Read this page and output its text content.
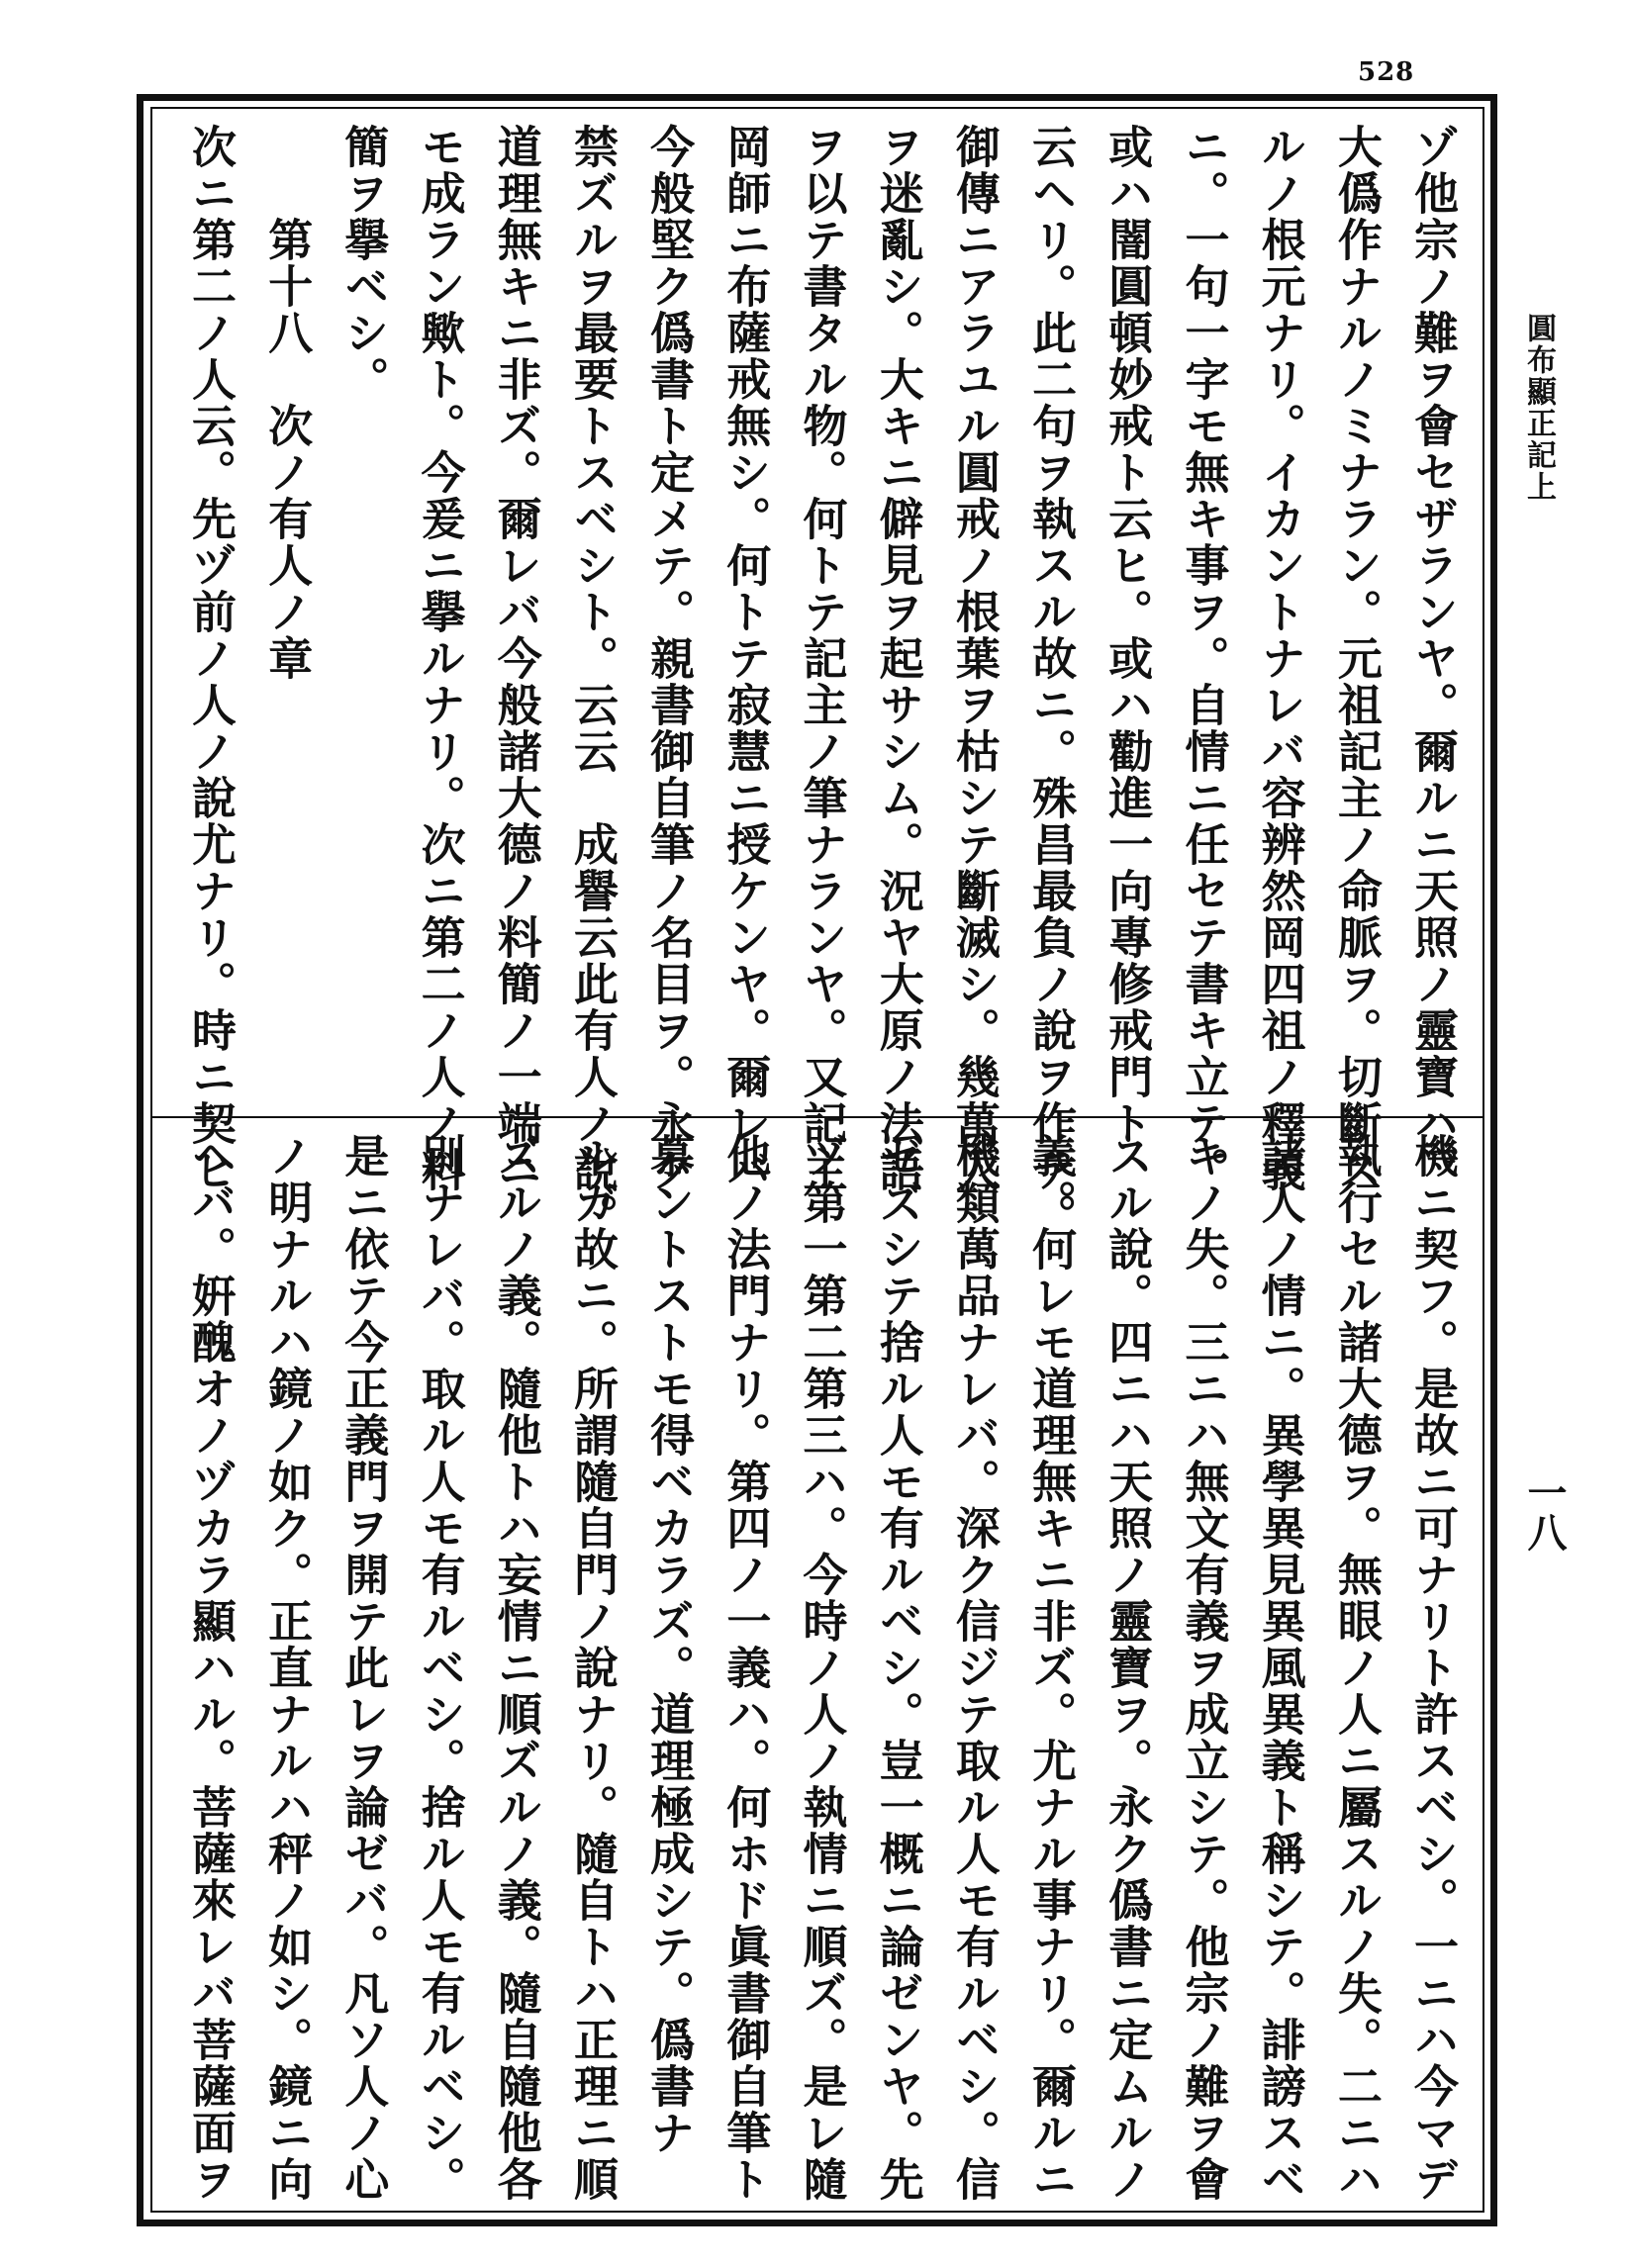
528
圓布顯正記上
一八
ゾ他宗ノ難ヲ會セザランヤ。爾ルニ天照ノ靈寶ハ。
大僞作ナルノミナラン。元祖記主ノ命脈ヲ。切斷ス
ルノ根元ナリ。イカントナレバ容辨然岡四祖ノ釋義
ニ。一句一字モ無キ事ヲ。自情ニ任セテ書キ立テ。
或ハ闇圓頓妙戒ト云ヒ。或ハ勸進一向專修戒門ト
云ヘリ。此二句ヲ執スル故ニ。殊昌最負ノ說ヲ作テ。
御傳ニアラユル圓戒ノ根葉ヲ枯シテ斷滅シ。幾萬人
ヲ迷亂シ。大キニ僻見ヲ起サシム。況ヤ大原ノ法語
ヲ以テ書タル物。何トテ記主ノ筆ナランヤ。又記主
岡師ニ布薩戒無シ。何トテ寂慧ニ授ケンヤ。爾レバ
今般堅ク僞書ト定メテ。親書御自筆ノ名目ヲ。永ク
禁ズルヲ最要トスベシト。云云　成譽云此有人ノ說。
道理無キニ非ズ。爾レバ今般諸大德ノ料簡ノ一端ニ
モ成ラン歟ト。今爰ニ擧ルナリ。次ニ第二ノ人ノ料
簡ヲ擧ベシ。
　　第十八　次ノ有人ノ章
次ニ第二ノ人云。先ヅ前ノ人ノ說尤ナリ。時ニ契ヒ
機ニ契フ。是故ニ可ナリト許スベシ。一ニハ今マデ
執行セル諸大德ヲ。無眼ノ人ニ屬スルノ失。二ニハ
諸人ノ情ニ。異學異見異風異義ト稱シテ。誹謗スベ
キノ失。三ニハ無文有義ヲ成立シテ。他宗ノ難ヲ會
スル說。四ニハ天照ノ靈寶ヲ。永ク僞書ニ定ムルノ
義。何レモ道理無キニ非ズ。尤ナル事ナリ。爾ルニ
機類萬品ナレバ。深ク信ジテ取ル人モ有ルベシ。信
ゼズシテ捨ル人モ有ルベシ。豈一概ニ論ゼンヤ。先
ヅ第一第二第三ハ。今時ノ人ノ執情ニ順ズ。是レ隨
他ノ法門ナリ。第四ノ一義ハ。何ホド眞書御自筆ト
慕ントストモ得ベカラズ。道理極成シテ。僞書ナ
ルガ故ニ。所謂隨自門ノ說ナリ。隨自トハ正理ニ順
ズルノ義。隨他トハ妄情ニ順ズルノ義。隨自隨他各
別ナレバ。取ル人モ有ルベシ。捨ル人モ有ルベシ。
是ニ依テ今正義門ヲ開テ此レヲ論ゼバ。凡ソ人ノ心
ノ明ナルハ鏡ノ如ク。正直ナルハ秤ノ如シ。鏡ニ向
ヘバ。姸醜オノヅカラ顯ハル。菩薩來レバ菩薩面ヲ
